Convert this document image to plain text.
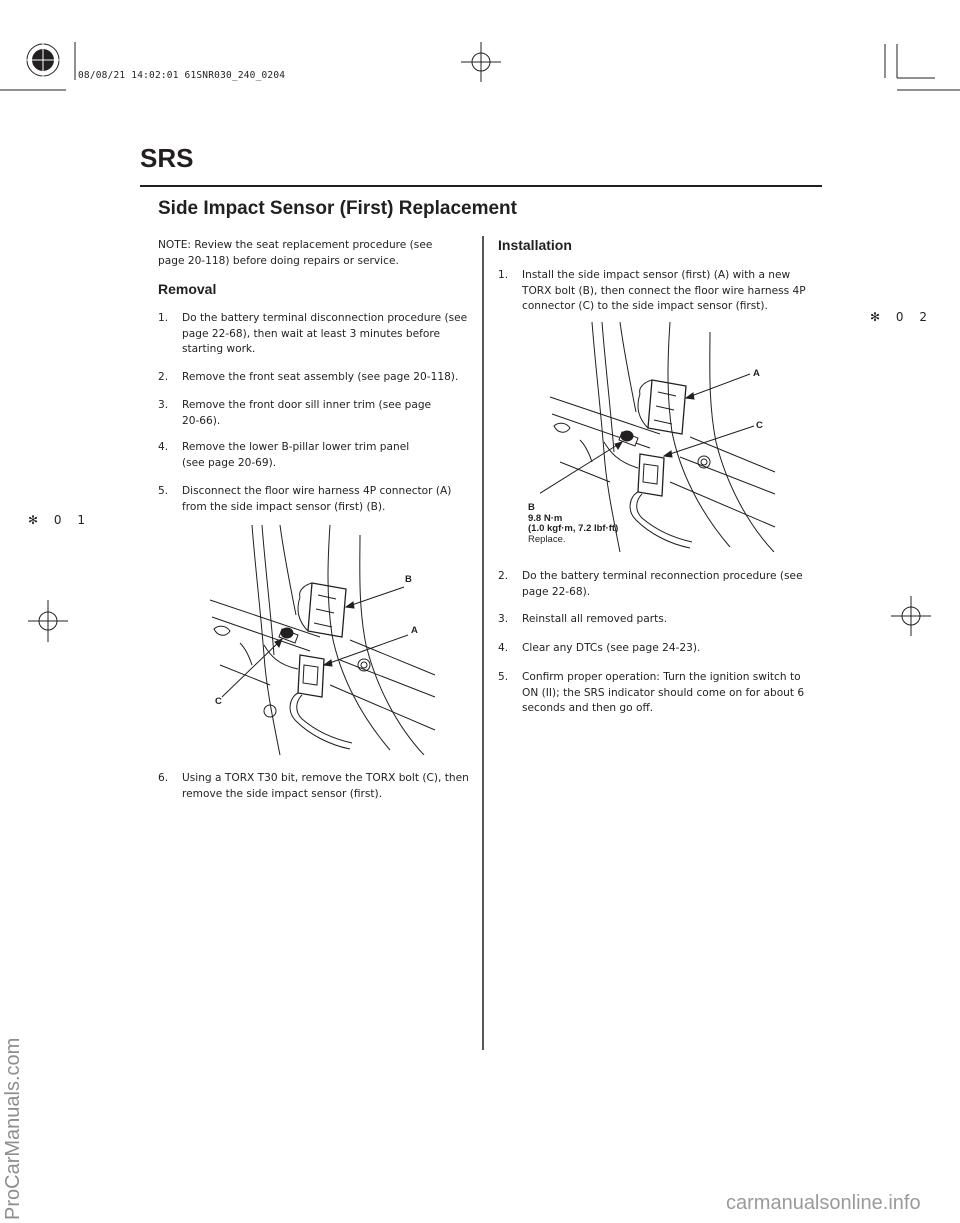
08/08/21 14:02:01 61SNR030_240_0204
SRS
Side Impact Sensor (First) Replacement
NOTE: Review the seat replacement procedure (see page 20-118) before doing repairs or service.
Removal
1. Do the battery terminal disconnection procedure (see page 22-68), then wait at least 3 minutes before starting work.
2. Remove the front seat assembly (see page 20-118).
3. Remove the front door sill inner trim (see page 20-66).
4. Remove the lower B-pillar lower trim panel (see page 20-69).
5. Disconnect the floor wire harness 4P connector (A) from the side impact sensor (first) (B).
B
A
C
6. Using a TORX T30 bit, remove the TORX bolt (C), then remove the side impact sensor (first).
Installation
1. Install the side impact sensor (first) (A) with a new TORX bolt (B), then connect the floor wire harness 4P connector (C) to the side impact sensor (first).
A
C
B
9.8 N·m
(1.0 kgf·m, 7.2 lbf·ft)
Replace.
2. Do the battery terminal reconnection procedure (see page 22-68).
3. Reinstall all removed parts.
4. Clear any DTCs (see page 24-23).
5. Confirm proper operation: Turn the ignition switch to ON (II); the SRS indicator should come on for about 6 seconds and then go off.
✻ 0 2
✻ 0 1
ProCarManuals.com	carmanualsonline.info
